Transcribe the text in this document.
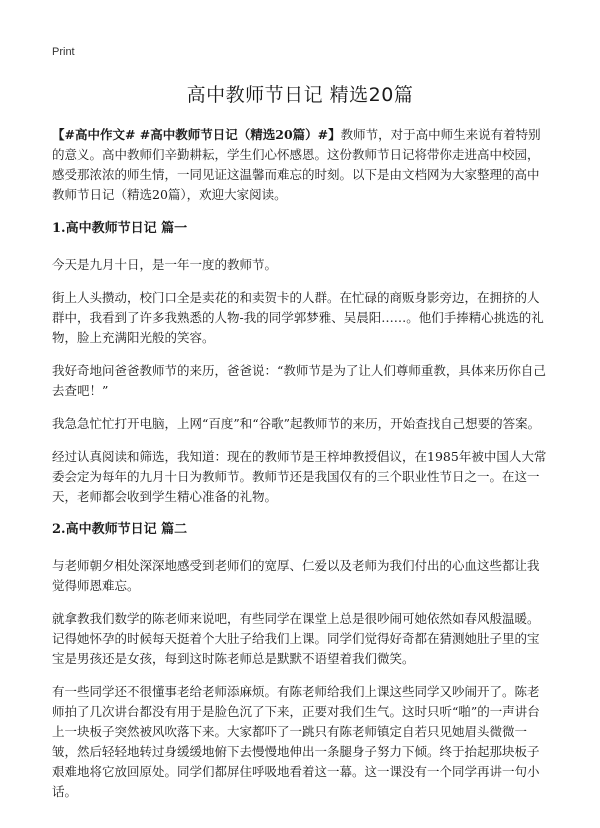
Print
高中教师节日记 精选20篇

【#高中作文# #高中教师节日记（精选20篇）#】教师节，对于高中师生来说有着特别的意义。高中教师们辛勤耕耘，学生们心怀感恩。这份教师节日记将带你走进高中校园，感受那浓浓的师生情，一同见证这温馨而难忘的时刻。以下是由文档网为大家整理的高中教师节日记（精选20篇），欢迎大家阅读。

1.高中教师节日记 篇一

今天是九月十日，是一年一度的教师节。

街上人头攒动，校门口全是卖花的和卖贺卡的人群。在忙碌的商贩身影旁边，在拥挤的人群中，我看到了许多我熟悉的人物-我的同学郭梦雅、吴晨阳……。他们手捧精心挑选的礼物，脸上充满阳光般的笑容。

我好奇地问爸爸教师节的来历，爸爸说：“教师节是为了让人们尊师重教，具体来历你自己去查吧！”

我急急忙忙打开电脑，上网“百度”和“谷歌”起教师节的来历，开始查找自己想要的答案。

经过认真阅读和筛选，我知道：现在的教师节是王梓坤教授倡议，在1985年被中国人大常委会定为每年的九月十日为教师节。教师节还是我国仅有的三个职业性节日之一。在这一天，老师都会收到学生精心准备的礼物。

2.高中教师节日记 篇二

与老师朝夕相处深深地感受到老师们的宽厚、仁爱以及老师为我们付出的心血这些都让我觉得师恩难忘。

就拿教我们数学的陈老师来说吧，有些同学在课堂上总是很吵闹可她依然如春风般温暖。记得她怀孕的时候每天挺着个大肚子给我们上课。同学们觉得好奇都在猜测她肚子里的宝宝是男孩还是女孩，每到这时陈老师总是默默不语望着我们微笑。

有一些同学还不很懂事老给老师添麻烦。有陈老师给我们上课这些同学又吵闹开了。陈老师拍了几次讲台都没有用于是脸色沉了下来，正要对我们生气。这时只听“啪”的一声讲台上一块板子突然被风吹落下来。大家都吓了一跳只有陈老师镇定自若只见她眉头微微一皱，然后轻轻地转过身缓缓地俯下去慢慢地伸出一条腿身子努力下倾。终于抬起那块板子艰难地将它放回原处。同学们都屏住呼吸地看着这一幕。这一课没有一个同学再讲一句小话。
